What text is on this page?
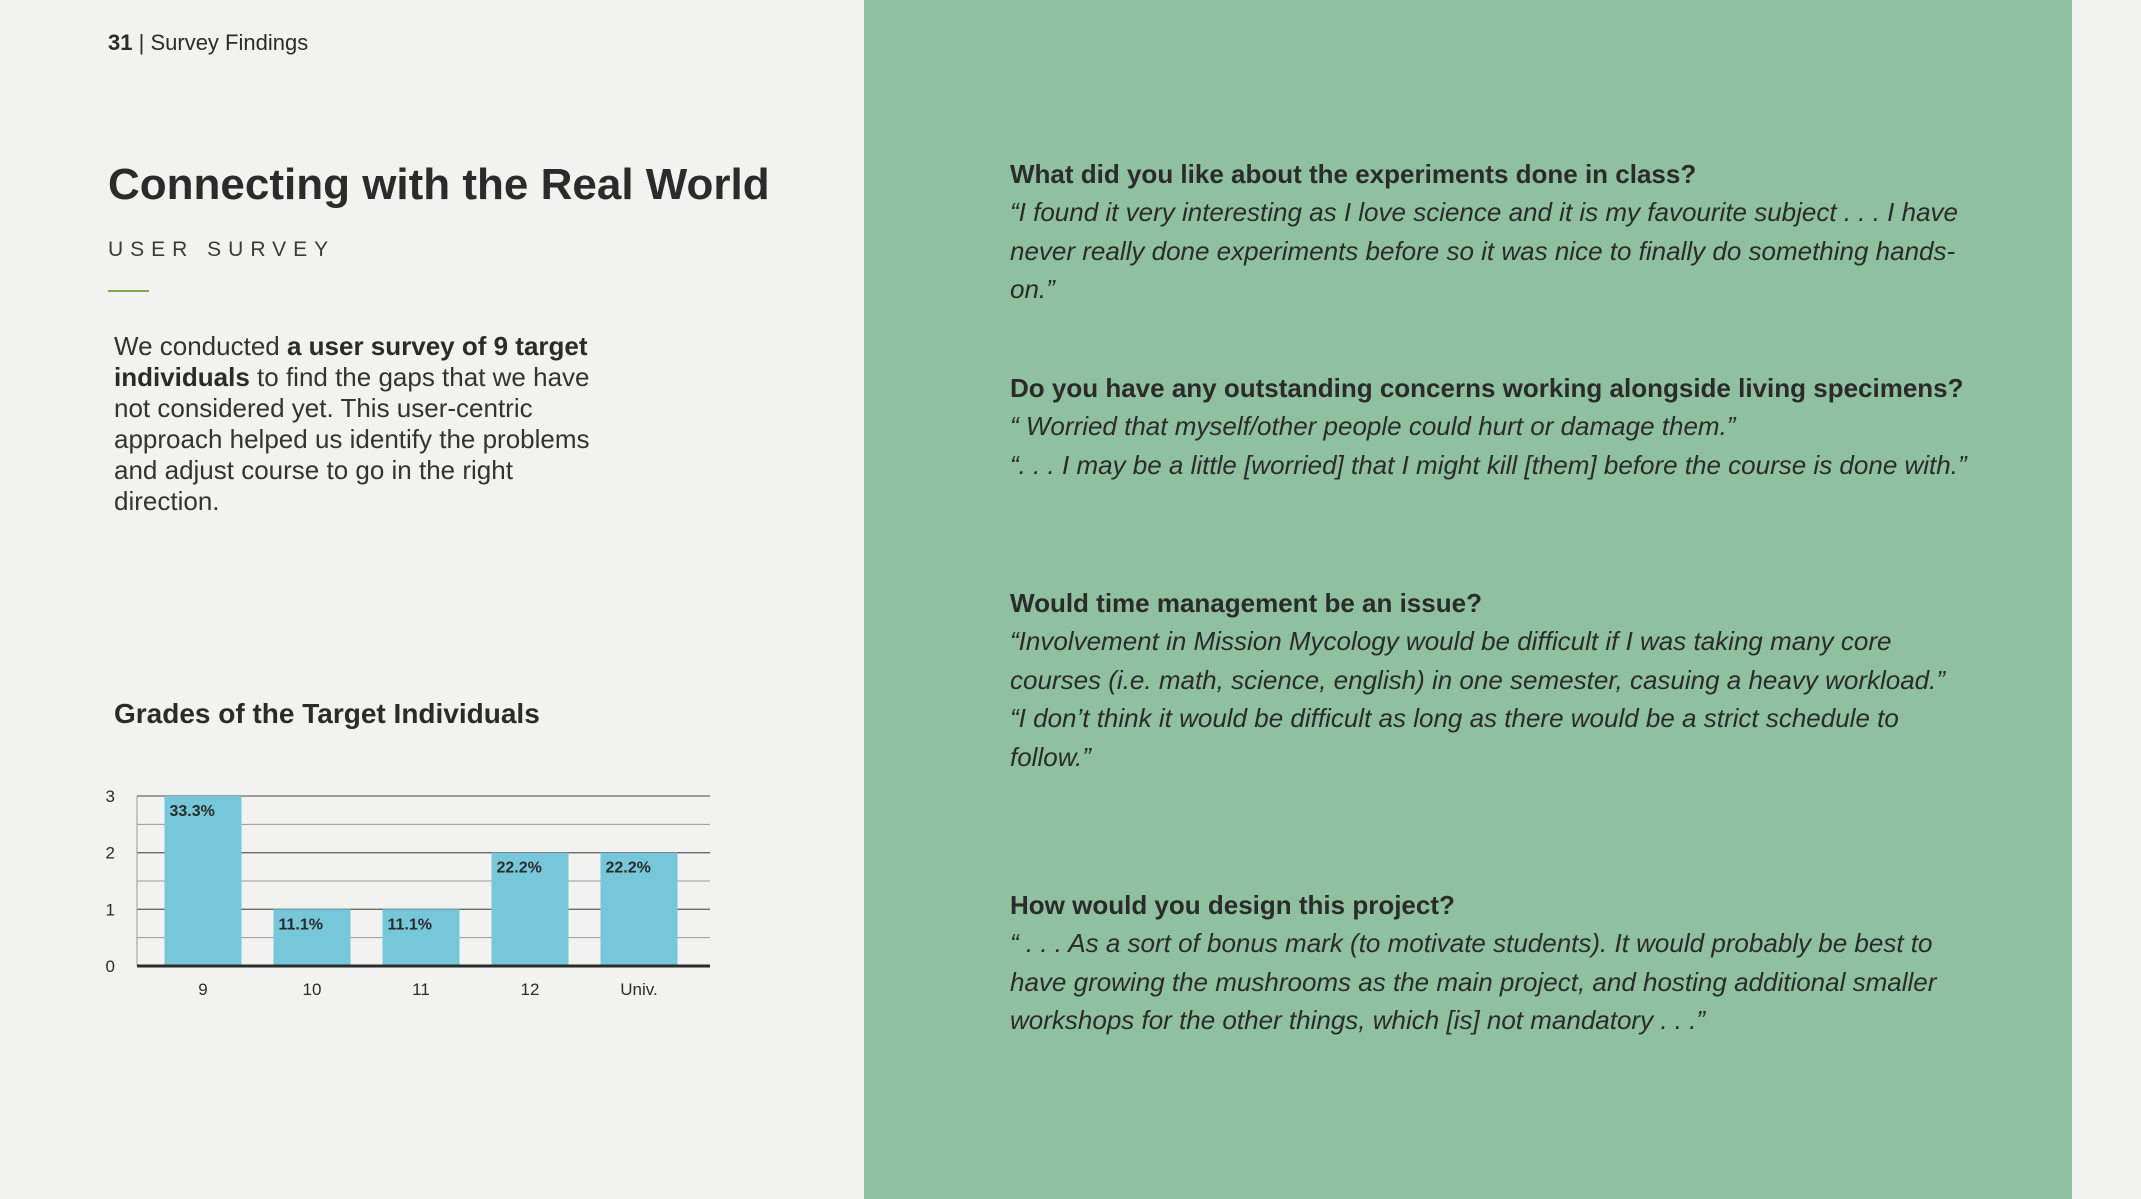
31 | Survey Findings
Connecting with the Real World
USER SURVEY
We conducted a user survey of 9 target individuals to find the gaps that we have not considered yet. This user-centric approach helped us identify the problems and adjust course to go in the right direction.
Grades of the Target Individuals
0
1
2
3
33.3%
9
11.1%
10
11.1%
11
22.2%
12
22.2%
Univ.
What did you like about the experiments done in class?
“I found it very interesting as I love science and it is my favourite subject . . . I have never really done experiments before so it was nice to finally do something hands-on.”
Do you have any outstanding concerns working alongside living specimens?
“ Worried that myself/other people could hurt or damage them.”
“. . . I may be a little [worried] that I might kill [them] before the course is done with.”
Would time management be an issue?
“Involvement in Mission Mycology would be difficult if I was taking many core courses (i.e. math, science, english) in one semester, casuing a heavy workload.”
“I don’t think it would be difficult as long as there would be a strict schedule to follow.”
How would you design this project?
“ . . . As a sort of bonus mark (to motivate students). It would probably be best to have growing the mushrooms as the main project, and hosting additional smaller workshops for the other things, which [is] not mandatory . . .”
